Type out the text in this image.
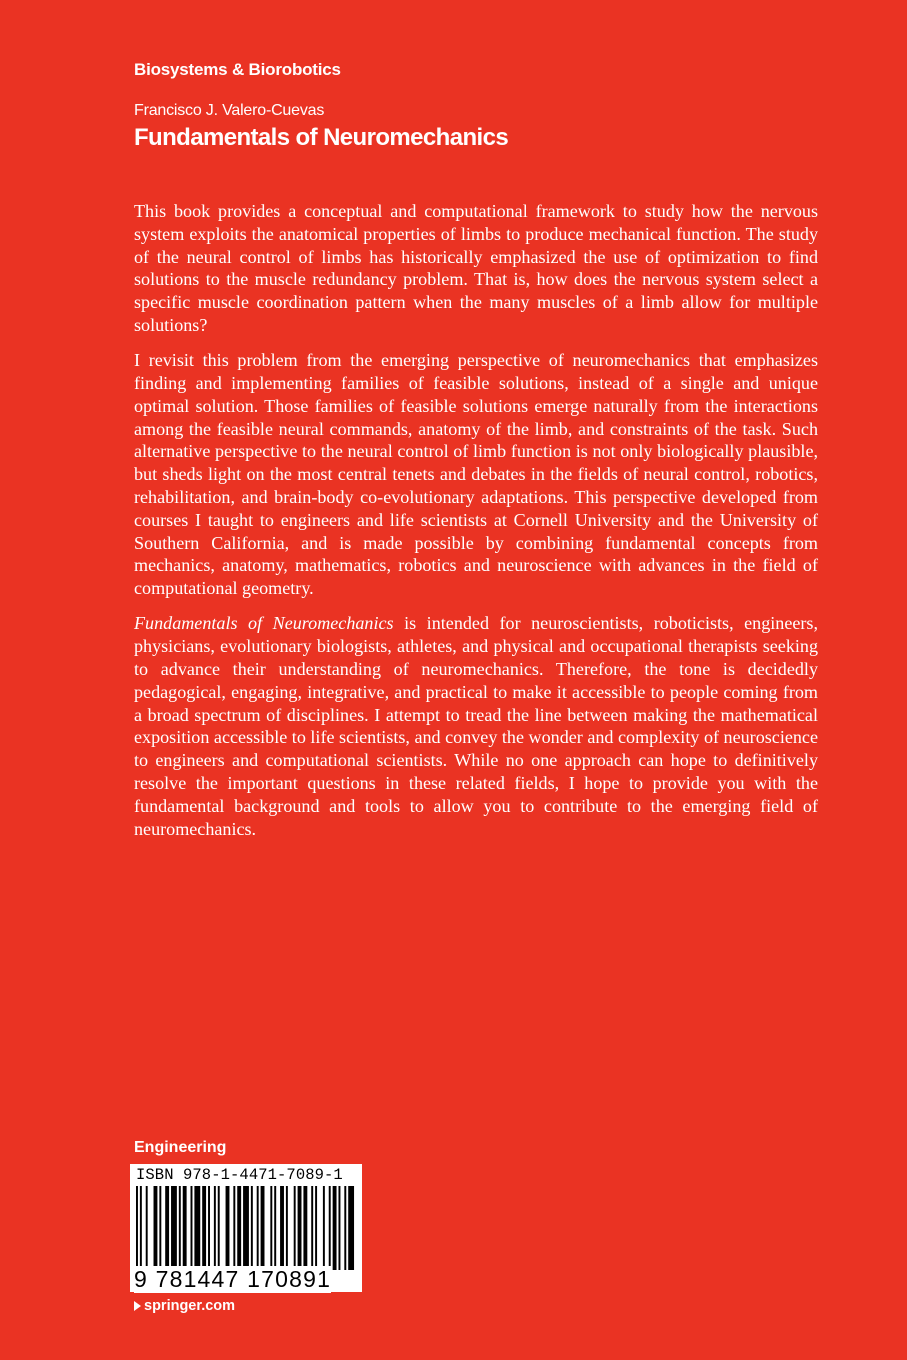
Biosystems & Biorobotics
Francisco J. Valero-Cuevas
Fundamentals of Neuromechanics

This book provides a conceptual and computational framework to study how the nervous system exploits the anatomical properties of limbs to produce mechanical function. The study of the neural control of limbs has historically emphasized the use of optimization to find solutions to the muscle redundancy problem. That is, how does the nervous system select a specific muscle coordination pattern when the many muscles of a limb allow for multiple solutions?

I revisit this problem from the emerging perspective of neuromechanics that emphasizes finding and implementing families of feasible solutions, instead of a single and unique optimal solution. Those families of feasible solutions emerge naturally from the interactions among the feasible neural commands, anatomy of the limb, and constraints of the task. Such alternative perspective to the neural control of limb function is not only biologically plausible, but sheds light on the most central tenets and debates in the fields of neural control, robotics, rehabilitation, and brain-body co-evolutionary adaptations. This perspective developed from courses I taught to engineers and life scientists at Cornell University and the University of Southern California, and is made possible by combining fundamental concepts from mechanics, anatomy, mathematics, robotics and neuroscience with advances in the field of computational geometry.

Fundamentals of Neuromechanics is intended for neuroscientists, roboticists, engineers, physicians, evolutionary biologists, athletes, and physical and occupational therapists seeking to advance their understanding of neuromechanics. Therefore, the tone is decidedly pedagogical, engaging, integrative, and practical to make it accessible to people coming from a broad spectrum of disciplines. I attempt to tread the line between making the mathematical exposition accessible to life scientists, and convey the wonder and complexity of neuroscience to engineers and computational scientists. While no one approach can hope to definitively resolve the important questions in these related fields, I hope to provide you with the fundamental background and tools to allow you to contribute to the emerging field of neuromechanics.

Engineering
ISBN 978-1-4471-7089-1
9 781447 170891
springer.com
